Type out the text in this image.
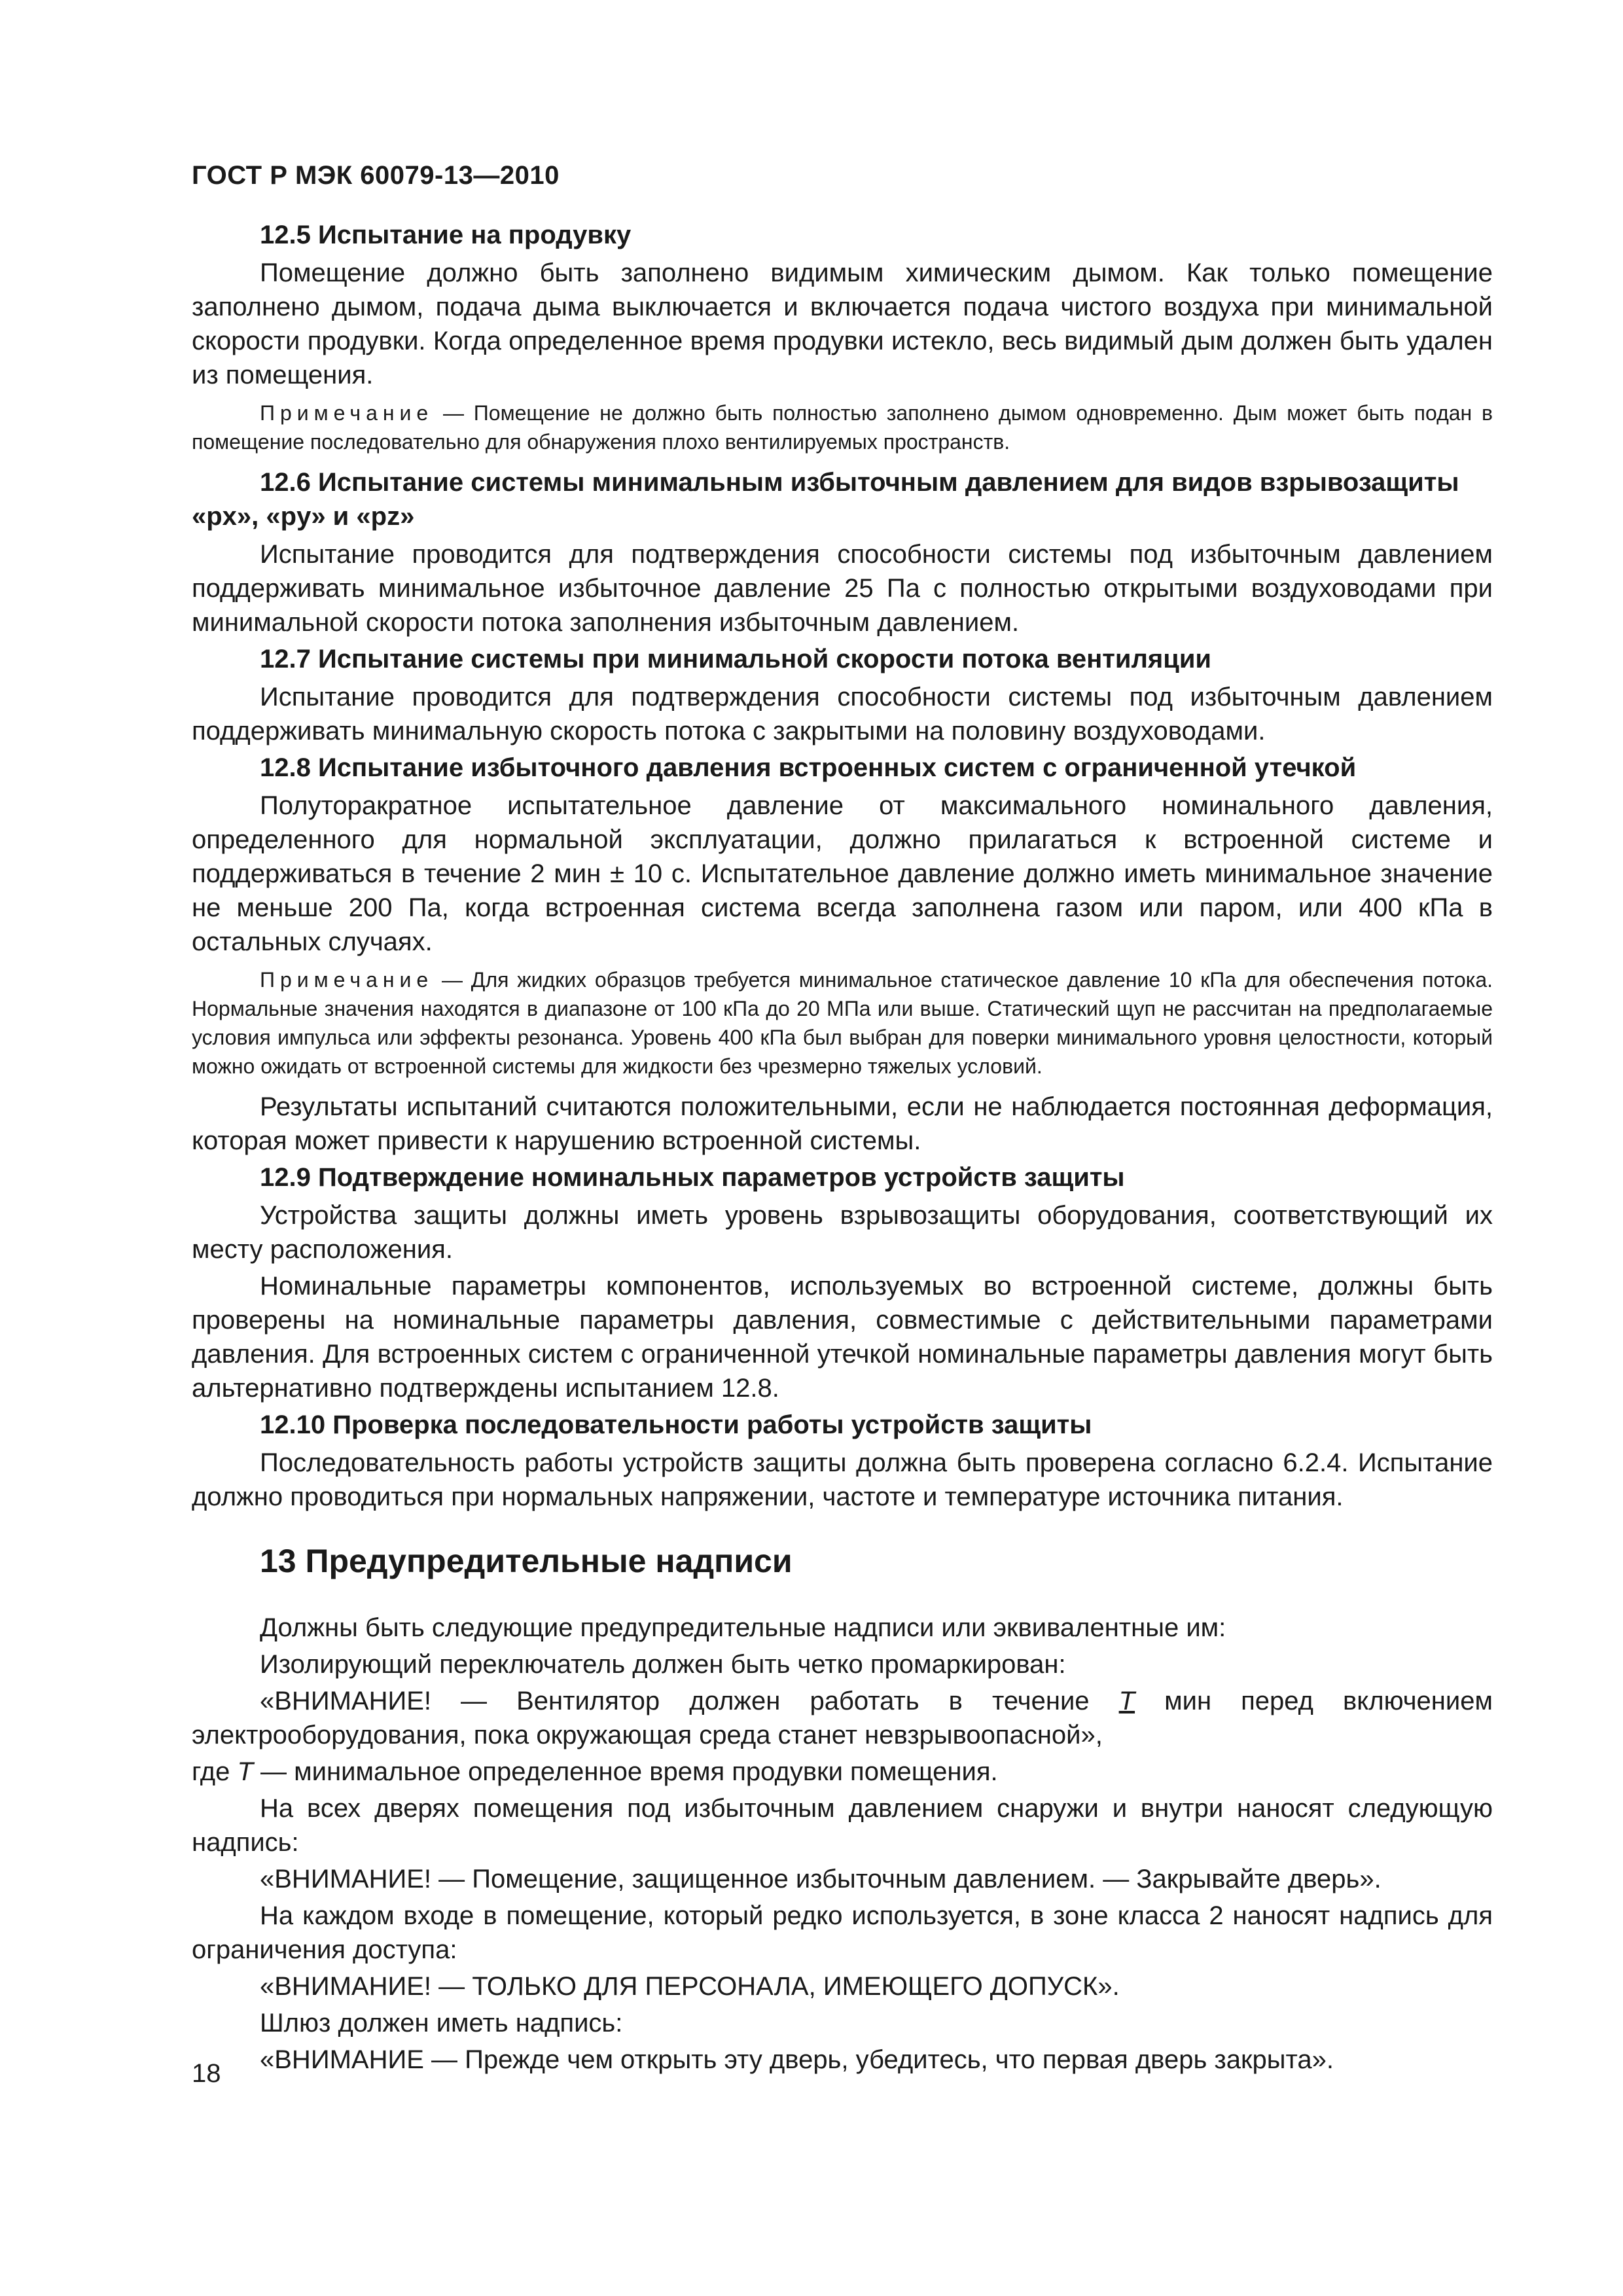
ГОСТ Р МЭК 60079-13—2010
12.5 Испытание на продувку
Помещение должно быть заполнено видимым химическим дымом. Как только помещение заполнено дымом, подача дыма выключается и включается подача чистого воздуха при минимальной скорости продувки. Когда определенное время продувки истекло, весь видимый дым должен быть удален из помещения.
Примечание — Помещение не должно быть полностью заполнено дымом одновременно. Дым может быть подан в помещение последовательно для обнаружения плохо вентилируемых пространств.
12.6 Испытание системы минимальным избыточным давлением для видов взрывозащиты «px», «py» и «pz»
Испытание проводится для подтверждения способности системы под избыточным давлением поддерживать минимальное избыточное давление 25 Па с полностью открытыми воздуховодами при минимальной скорости потока заполнения избыточным давлением.
12.7 Испытание системы при минимальной скорости потока вентиляции
Испытание проводится для подтверждения способности системы под избыточным давлением поддерживать минимальную скорость потока с закрытыми на половину воздуховодами.
12.8 Испытание избыточного давления встроенных систем с ограниченной утечкой
Полуторакратное испытательное давление от максимального номинального давления, определенного для нормальной эксплуатации, должно прилагаться к встроенной системе и поддерживаться в течение 2 мин ± 10 с. Испытательное давление должно иметь минимальное значение не меньше 200 Па, когда встроенная система всегда заполнена газом или паром, или 400 кПа в остальных случаях.
Примечание — Для жидких образцов требуется минимальное статическое давление 10 кПа для обеспечения потока. Нормальные значения находятся в диапазоне от 100 кПа до 20 МПа или выше. Статический щуп не рассчитан на предполагаемые условия импульса или эффекты резонанса. Уровень 400 кПа был выбран для поверки минимального уровня целостности, который можно ожидать от встроенной системы для жидкости без чрезмерно тяжелых условий.
Результаты испытаний считаются положительными, если не наблюдается постоянная деформация, которая может привести к нарушению встроенной системы.
12.9 Подтверждение номинальных параметров устройств защиты
Устройства защиты должны иметь уровень взрывозащиты оборудования, соответствующий их месту расположения.
Номинальные параметры компонентов, используемых во встроенной системе, должны быть проверены на номинальные параметры давления, совместимые с действительными параметрами давления. Для встроенных систем с ограниченной утечкой номинальные параметры давления могут быть альтернативно подтверждены испытанием 12.8.
12.10 Проверка последовательности работы устройств защиты
Последовательность работы устройств защиты должна быть проверена согласно 6.2.4. Испытание должно проводиться при нормальных напряжении, частоте и температуре источника питания.
13 Предупредительные надписи
Должны быть следующие предупредительные надписи или эквивалентные им:
Изолирующий переключатель должен быть четко промаркирован:
«ВНИМАНИЕ! — Вентилятор должен работать в течение T мин перед включением электрооборудования, пока окружающая среда станет невзрывоопасной»,
где T — минимальное определенное время продувки помещения.
На всех дверях помещения под избыточным давлением снаружи и внутри наносят следующую надпись:
«ВНИМАНИЕ! — Помещение, защищенное избыточным давлением. — Закрывайте дверь».
На каждом входе в помещение, который редко используется, в зоне класса 2 наносят надпись для ограничения доступа:
«ВНИМАНИЕ! — ТОЛЬКО ДЛЯ ПЕРСОНАЛА, ИМЕЮЩЕГО ДОПУСК».
Шлюз должен иметь надпись:
«ВНИМАНИЕ — Прежде чем открыть эту дверь, убедитесь, что первая дверь закрыта».
18
